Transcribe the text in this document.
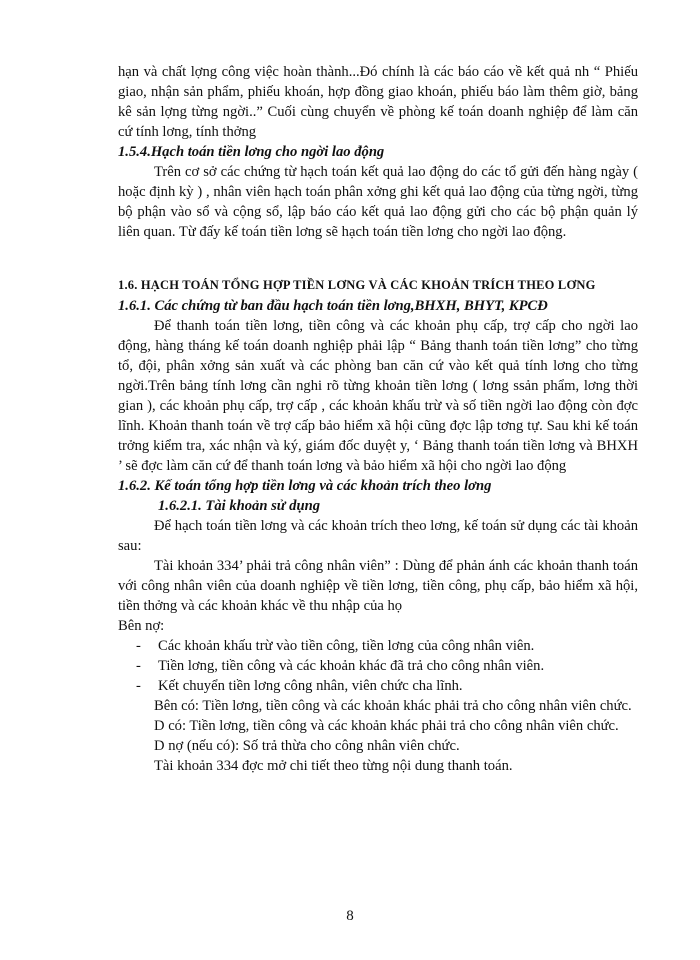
hạn và chất lợng công việc hoàn thành...Đó chính là các báo cáo về kết quả nh “ Phiếu giao, nhận sản phẩm, phiếu khoán, hợp đồng giao khoán, phiếu báo làm thêm giờ, bảng kê sản lợng từng ngời..” Cuối cùng chuyển về phòng kế toán doanh nghiệp để làm căn cứ tính lơng, tính thởng

1.5.4.Hạch toán tiền lơng cho ngời lao động

Trên cơ sở các chứng từ hạch toán kết quả lao động do các tổ gửi đến hàng ngày ( hoặc định kỳ ) , nhân viên hạch toán phân xởng ghi kết quả lao động của từng ngời, từng bộ phận vào sổ và cộng sổ, lập báo cáo kết quả lao động gửi cho các bộ phận quản lý liên quan. Từ đấy kế toán tiền lơng sẽ hạch toán tiền lơng cho ngời lao động.

1.6. HẠCH TOÁN TỔNG HỢP TIỀN LƠNG VÀ CÁC KHOẢN TRÍCH THEO LƠNG

1.6.1. Các chứng từ ban đầu hạch toán tiền lơng,BHXH, BHYT, KPCĐ

Để thanh toán tiền lơng, tiền công và các khoản phụ cấp, trợ cấp cho ngời lao động, hàng tháng kế toán doanh nghiệp phải lập “ Bảng thanh toán tiền lơng” cho từng tổ, đội, phân xởng sản xuất và các phòng ban căn cứ vào kết quả tính lơng cho từng ngời.Trên bảng tính lơng cần nghi rõ từng khoản tiền lơng ( lơng ssản phẩm, lơng thời gian ), các khoản phụ cấp, trợ cấp , các khoản khấu trừ và số tiền ngời lao động còn đợc lĩnh. Khoản thanh toán về trợ cấp bảo hiểm xã hội cũng đợc lập tơng tự. Sau khi kế toán trởng kiểm tra, xác nhận và ký, giám đốc duyệt y, ‘ Bảng thanh toán tiền lơng và BHXH ’ sẽ đợc làm căn cứ để thanh toán lơng và bảo hiểm xã hội cho ngời lao động

1.6.2. Kế toán tổng hợp tiền lơng và các khoản trích theo lơng

1.6.2.1. Tài khoản sử dụng

Để hạch toán tiền lơng và các khoản trích theo lơng, kế toán sử dụng các tài khoản sau:

Tài khoản 334’ phải trả công nhân viên” : Dùng để phản ánh các khoản thanh toán với công nhân viên của doanh nghiệp về tiền lơng, tiền công, phụ cấp, bảo hiểm xã hội, tiền thởng và các khoản khác về thu nhập của họ

Bên nợ:

- Các khoản khấu trừ vào tiền công, tiền lơng của công nhân viên.
- Tiền lơng, tiền công và các khoản khác đã trả cho công nhân viên.
- Kết chuyển tiền lơng công nhân, viên chức cha lĩnh.

Bên có: Tiền lơng, tiền công và các khoản khác phải trả cho công nhân viên chức.

D có: Tiền lơng, tiền công và các khoản khác phải trả cho công nhân viên chức.

D nợ (nếu có): Số trả thừa cho công nhân viên chức.

Tài khoản 334 đợc mở chi tiết theo từng nội dung thanh toán.

8
